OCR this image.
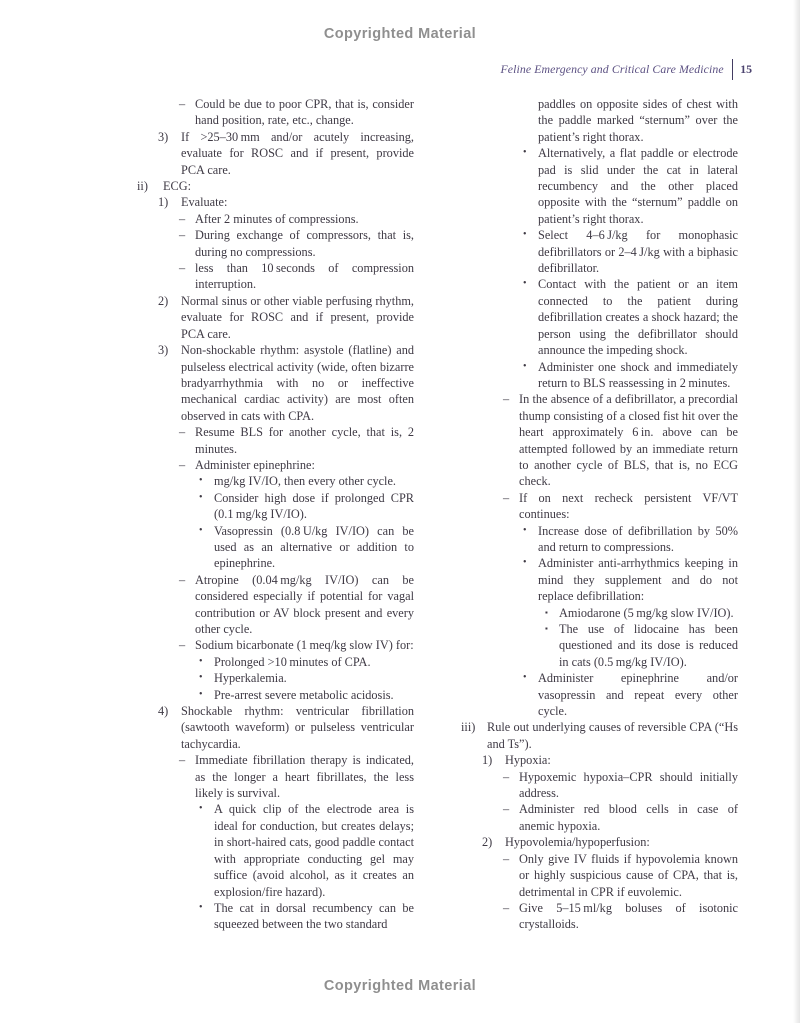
Copyrighted Material
Feline Emergency and Critical Care Medicine	15
– Could be due to poor CPR, that is, consider hand position, rate, etc., change.
3) If >25–30 mm and/or acutely increasing, evaluate for ROSC and if present, provide PCA care.
ii) ECG:
1) Evaluate:
– After 2 minutes of compressions.
– During exchange of compressors, that is, during no compressions.
– less than 10 seconds of compression interruption.
2) Normal sinus or other viable perfusing rhythm, evaluate for ROSC and if present, provide PCA care.
3) Non-shockable rhythm: asystole (flatline) and pulseless electrical activity (wide, often bizarre bradyarrhythmia with no or ineffective mechanical cardiac activity) are most often observed in cats with CPA.
– Resume BLS for another cycle, that is, 2 minutes.
– Administer epinephrine:
• mg/kg IV/IO, then every other cycle.
• Consider high dose if prolonged CPR (0.1 mg/kg IV/IO).
• Vasopressin (0.8 U/kg IV/IO) can be used as an alternative or addition to epinephrine.
– Atropine (0.04 mg/kg IV/IO) can be considered especially if potential for vagal contribution or AV block present and every other cycle.
– Sodium bicarbonate (1 meq/kg slow IV) for:
• Prolonged >10 minutes of CPA.
• Hyperkalemia.
• Pre-arrest severe metabolic acidosis.
4) Shockable rhythm: ventricular fibrillation (sawtooth waveform) or pulseless ventricular tachycardia.
– Immediate fibrillation therapy is indicated, as the longer a heart fibrillates, the less likely is survival.
• A quick clip of the electrode area is ideal for conduction, but creates delays; in short-haired cats, good paddle contact with appropriate conducting gel may suffice (avoid alcohol, as it creates an explosion/fire hazard).
• The cat in dorsal recumbency can be squeezed between the two standard
paddles on opposite sides of chest with the paddle marked “sternum” over the patient’s right thorax.
• Alternatively, a flat paddle or electrode pad is slid under the cat in lateral recumbency and the other placed opposite with the “sternum” paddle on patient’s right thorax.
• Select 4–6 J/kg for monophasic defibrillators or 2–4 J/kg with a biphasic defibrillator.
• Contact with the patient or an item connected to the patient during defibrillation creates a shock hazard; the person using the defibrillator should announce the impeding shock.
• Administer one shock and immediately return to BLS reassessing in 2 minutes.
– In the absence of a defibrillator, a precordial thump consisting of a closed fist hit over the heart approximately 6 in. above can be attempted followed by an immediate return to another cycle of BLS, that is, no ECG check.
– If on next recheck persistent VF/VT continues:
• Increase dose of defibrillation by 50% and return to compressions.
• Administer anti-arrhythmics keeping in mind they supplement and do not replace defibrillation:
▪ Amiodarone (5 mg/kg slow IV/IO).
▪ The use of lidocaine has been questioned and its dose is reduced in cats (0.5 mg/kg IV/IO).
• Administer epinephrine and/or vasopressin and repeat every other cycle.
iii) Rule out underlying causes of reversible CPA (“Hs and Ts”).
1) Hypoxia:
– Hypoxemic hypoxia–CPR should initially address.
– Administer red blood cells in case of anemic hypoxia.
2) Hypovolemia/hypoperfusion:
– Only give IV fluids if hypovolemia known or highly suspicious cause of CPA, that is, detrimental in CPR if euvolemic.
– Give 5–15 ml/kg boluses of isotonic crystalloids.
Copyrighted Material
